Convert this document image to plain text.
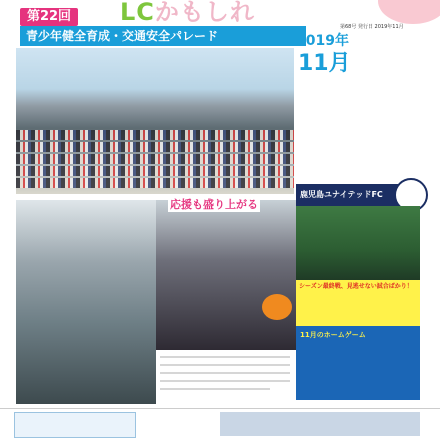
LCかもしれ
第22回
青少年健全育成・交通安全パレード	2019年
11月
第68号 発行日 2019年11月
応援も盛り上がる
鹿児島ユナイテッドFC
シーズン最終戦、見逃せない試合ばかり！
11月のホームゲーム
